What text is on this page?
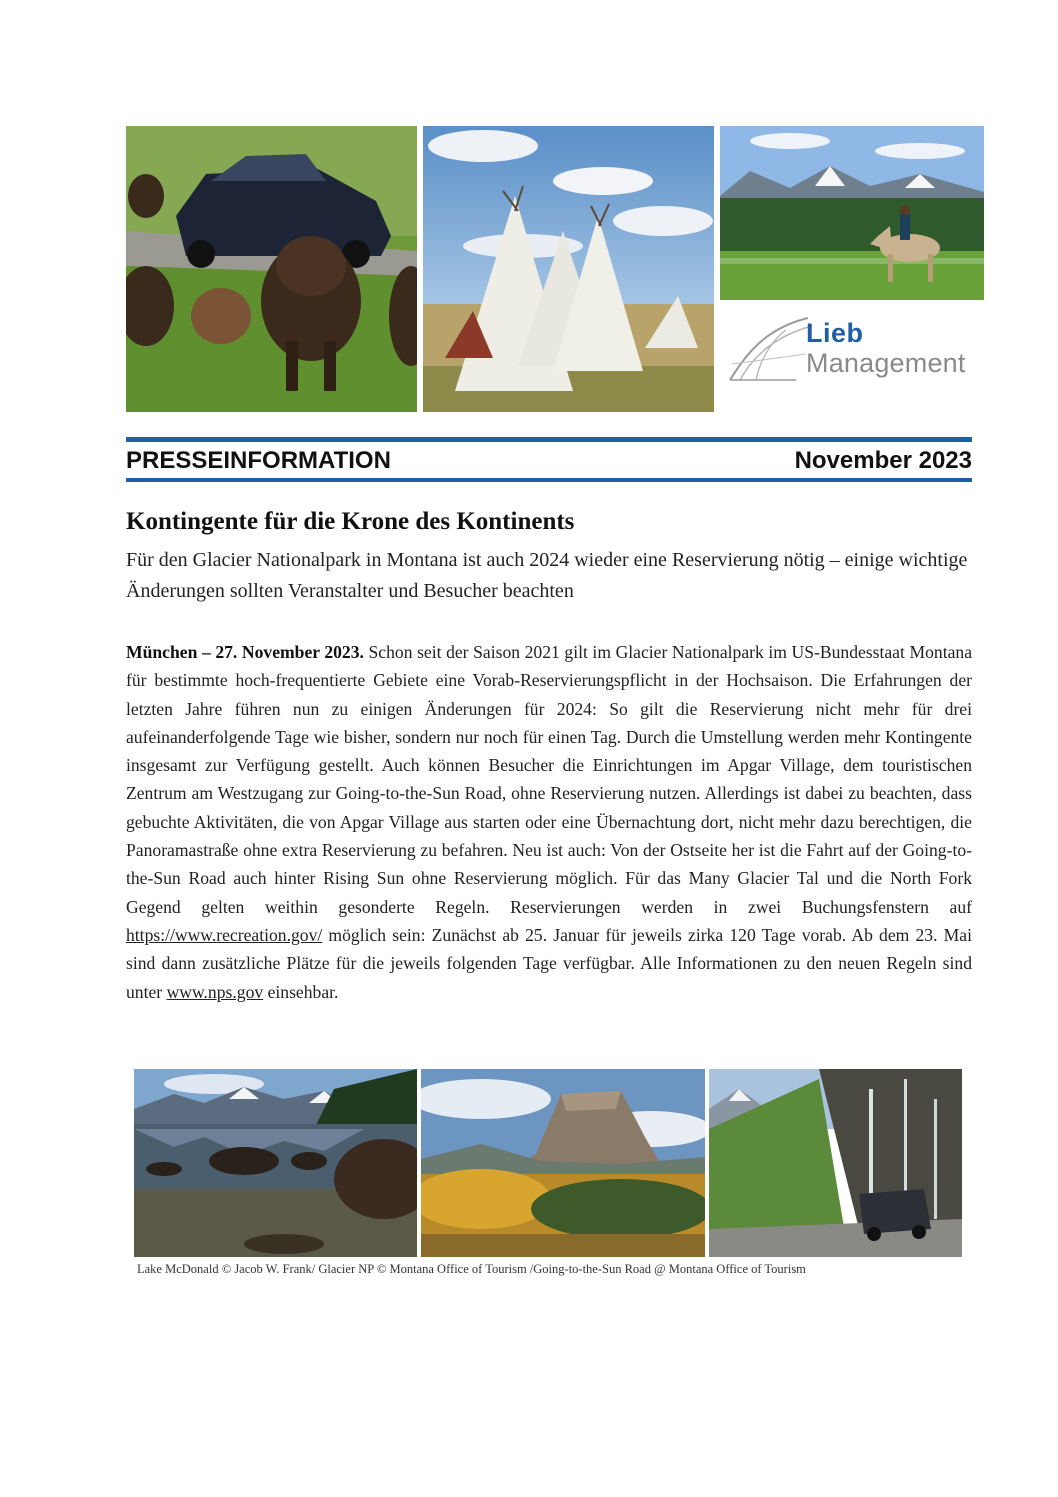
Lieb
Management
PRESSEINFORMATION	November 2023
Kontingente für die Krone des Kontinents
Für den Glacier Nationalpark in Montana ist auch 2024 wieder eine Reservierung nötig – einige wichtige Änderungen sollten Veranstalter und Besucher beachten
München – 27. November 2023. Schon seit der Saison 2021 gilt im Glacier Nationalpark im US-Bundesstaat Montana für bestimmte hoch-frequentierte Gebiete eine Vorab-Reservierungspflicht in der Hochsaison. Die Erfahrungen der letzten Jahre führen nun zu einigen Änderungen für 2024: So gilt die Reservierung nicht mehr für drei aufeinanderfolgende Tage wie bisher, sondern nur noch für einen Tag. Durch die Umstellung werden mehr Kontingente insgesamt zur Verfügung gestellt. Auch können Besucher die Einrichtungen im Apgar Village, dem touristischen Zentrum am Westzugang zur Going-to-the-Sun Road, ohne Reservierung nutzen. Allerdings ist dabei zu beachten, dass gebuchte Aktivitäten, die von Apgar Village aus starten oder eine Übernachtung dort, nicht mehr dazu berechtigen, die Panoramastraße ohne extra Reservierung zu befahren. Neu ist auch: Von der Ostseite her ist die Fahrt auf der Going-to-the-Sun Road auch hinter Rising Sun ohne Reservierung möglich. Für das Many Glacier Tal und die North Fork Gegend gelten weithin gesonderte Regeln. Reservierungen werden in zwei Buchungsfenstern auf https://www.recreation.gov/ möglich sein: Zunächst ab 25. Januar für jeweils zirka 120 Tage vorab. Ab dem 23. Mai sind dann zusätzliche Plätze für die jeweils folgenden Tage verfügbar. Alle Informationen zu den neuen Regeln sind unter www.nps.gov einsehbar.
Lake McDonald © Jacob W. Frank/ Glacier NP © Montana Office of Tourism /Going-to-the-Sun Road @ Montana Office of Tourism
